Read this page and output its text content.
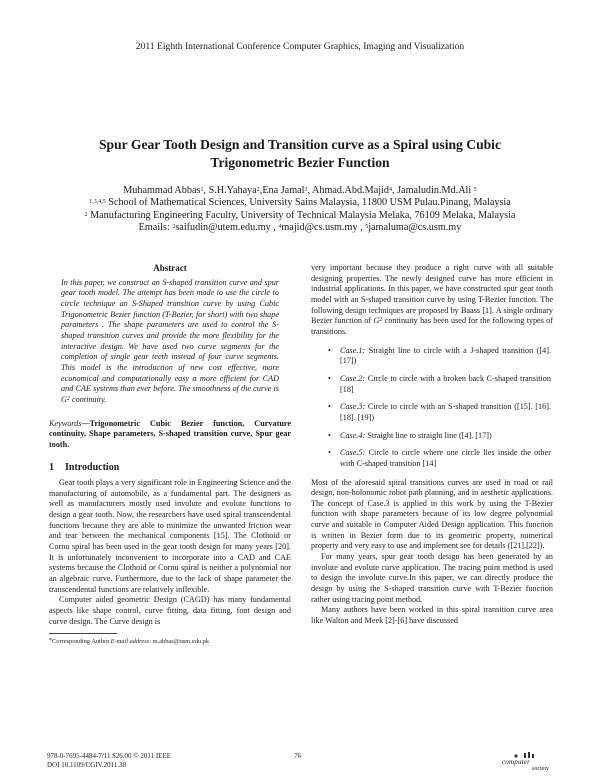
2011 Eighth International Conference Computer Graphics, Imaging and Visualization
Spur Gear Tooth Design and Transition curve as a Spiral using Cubic
Trigonometric Bezier Function
Muhammad Abbas$^1$, S.H.Yahaya$^2$,Ena Jamal$^3$, Ahmad.Abd.Majid$^4$, Jamaludin.Md.Ali $^5$
$^{1,3,4,5}$ School of Mathematical Sciences, University Sains Malaysia, 11800 USM Pulau.Pinang, Malaysia
$^2$ Manufacturing Engineering Faculty, University of Technical Malaysia Melaka, 76109 Melaka, Malaysia
Emails: $^2$saifudin@utem.edu.my , $^4$majid@cs.usm.my , $^5$jamaluma@cs.usm.my
Abstract
In this paper, we construct an S-shaped transition curve and spur gear tooth model. The attempt has been made to use the circle to circle technique an S-Shaped transition curve by using Cubic Trigonometric Bezier function (T-Bezier, for short) with two shape parameters . The shape parameters are used to control the S-shaped transition curves and provide the more flexibility for the interactive design. We have used two curve segments for the completion of single gear teeth instead of four curve segments. This model is the introduction of new cost effective, more economical and computationally easy a more efficient for CAD and CAE systems than ever before. The smoothness of the curve is $G^2$ continuity.
Keywords—Trigonometric Cubic Bezier function, Curvature continuity, Shape parameters, S-shaped transition curve, Spur gear tooth.
1	Introduction

Gear tooth plays a very significant role in Engineering Science and the manufacturing of automobile, as a fundamental part. The designers as well as manufacturers mostly used involute and evolute functions to design a gear tooth. Now, the researchers have used spiral transcendental functions because they are able to minimize the unwanted friction wear and tear between the mechanical components [15]. The Clothoid or Cornu spiral has been used in the gear tooth design for many years [20]. It is unfortunately inconvenient to incorporate into a CAD and CAE systems because the Clothoid or Cornu spiral is neither a polynomial nor an algebraic curve. Furthermore, due to the lack of shape parameter the transcendental functions are relatively inflexible.

Computer aided geometric Design (CAGD) has many fundamental aspects like shape control, curve fitting, data fitting, font design and curve design. The Curve design is

*Corresponding Author.E-mail address: m.abbas@usm.edu.pk

very important because they produce a right curve with all suitable designing properties. The newly designed curve has more efficient in industrial applications. In this paper, we have constructed spur gear tooth model with an S-shaped transition curve by using T-Bezier function. The following design techniques are proposed by Baass [1]. A single ordinary Bezier function of $G^2$ continuity has been used for the following types of transitions.

• Case.1: Straight line to circle with a J-shaped transition ([4]. [17])
• Case.2: Circle to circle with a broken back C-shaped transition [18]
• Case.3: Circle to circle with an S-shaped transition ([15]. [16]. [18]. [19])
• Case.4: Straight line to straight line ([4]. [17])
• Case.5: Circle to circle where one circle lies inside the other with C-shaped transition [14]

Most of the aforesaid spiral transitions curves are used in road or rail design, non-holonomic robot path planning, and in aesthetic applications. The concept of Case.3 is applied in this work by using the T-Bezier function with shape parameters because of its low degree polynomial curve and suitable in Computer Aided Design application. This function is written in Bezier form due to its geometric property, numerical property and very easy to use and implement see for details ([21],[22]).

For many years, spur gear tooth design has been generated by an involute and evolute curve application. The tracing point method is used to design the involute curve.In this paper, we can directly produce the design by using the S-shaped transition curve with T-Bezier function rather using tracing point method.

Many authors have been worked in this spiral transition curve area like Walton and Meek [2]-[6] have discussed

978-0-7695-4484-7/11 $26.00 © 2011 IEEE
DOI 10.1109/CGIV.2011.38
76
computer
society
